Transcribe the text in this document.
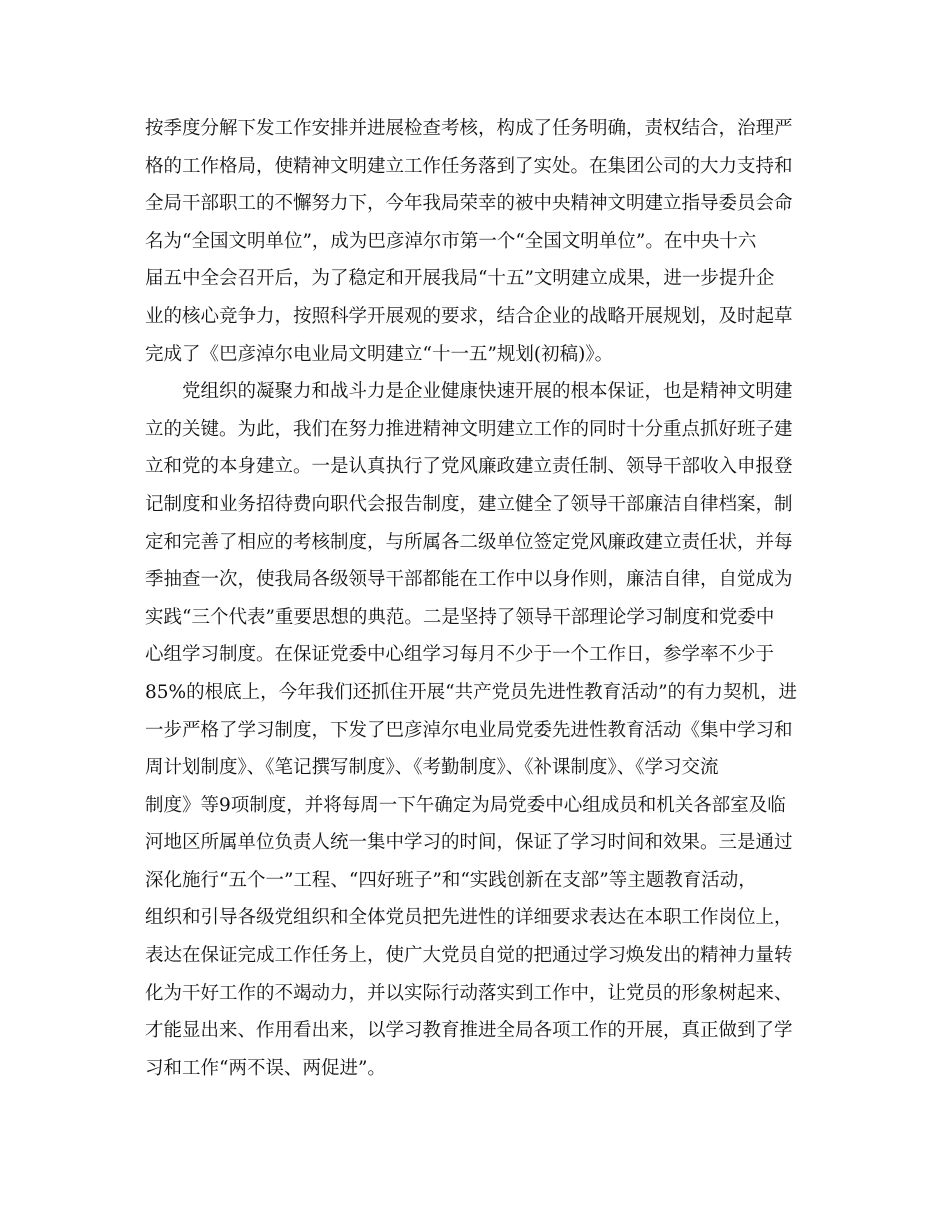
按季度分解下发工作安排并进展检查考核，构成了任务明确，责权结合，治理严
格的工作格局，使精神文明建立工作任务落到了实处。在集团公司的大力支持和
全局干部职工的不懈努力下，今年我局荣幸的被中央精神文明建立指导委员会命
名为“全国文明单位”，成为巴彦淖尔市第一个“全国文明单位”。在中央十六
届五中全会召开后，为了稳定和开展我局“十五”文明建立成果，进一步提升企
业的核心竞争力，按照科学开展观的要求，结合企业的战略开展规划，及时起草
完成了《巴彦淖尔电业局文明建立“十一五”规划(初稿)》。
　　党组织的凝聚力和战斗力是企业健康快速开展的根本保证，也是精神文明建
立的关键。为此，我们在努力推进精神文明建立工作的同时十分重点抓好班子建
立和党的本身建立。一是认真执行了党风廉政建立责任制、领导干部收入申报登
记制度和业务招待费向职代会报告制度，建立健全了领导干部廉洁自律档案，制
定和完善了相应的考核制度，与所属各二级单位签定党风廉政建立责任状，并每
季抽查一次，使我局各级领导干部都能在工作中以身作则，廉洁自律，自觉成为
实践“三个代表”重要思想的典范。二是坚持了领导干部理论学习制度和党委中
心组学习制度。在保证党委中心组学习每月不少于一个工作日，参学率不少于
85%的根底上，今年我们还抓住开展“共产党员先进性教育活动”的有力契机，进
一步严格了学习制度，下发了巴彦淖尔电业局党委先进性教育活动《集中学习和
周计划制度》、《笔记撰写制度》、《考勤制度》、《补课制度》、《学习交流
制度》等9项制度，并将每周一下午确定为局党委中心组成员和机关各部室及临
河地区所属单位负责人统一集中学习的时间，保证了学习时间和效果。三是通过
深化施行“五个一”工程、“四好班子”和“实践创新在支部”等主题教育活动，
组织和引导各级党组织和全体党员把先进性的详细要求表达在本职工作岗位上，
表达在保证完成工作任务上，使广大党员自觉的把通过学习焕发出的精神力量转
化为干好工作的不竭动力，并以实际行动落实到工作中，让党员的形象树起来、
才能显出来、作用看出来，以学习教育推进全局各项工作的开展，真正做到了学
习和工作“两不误、两促进”。
